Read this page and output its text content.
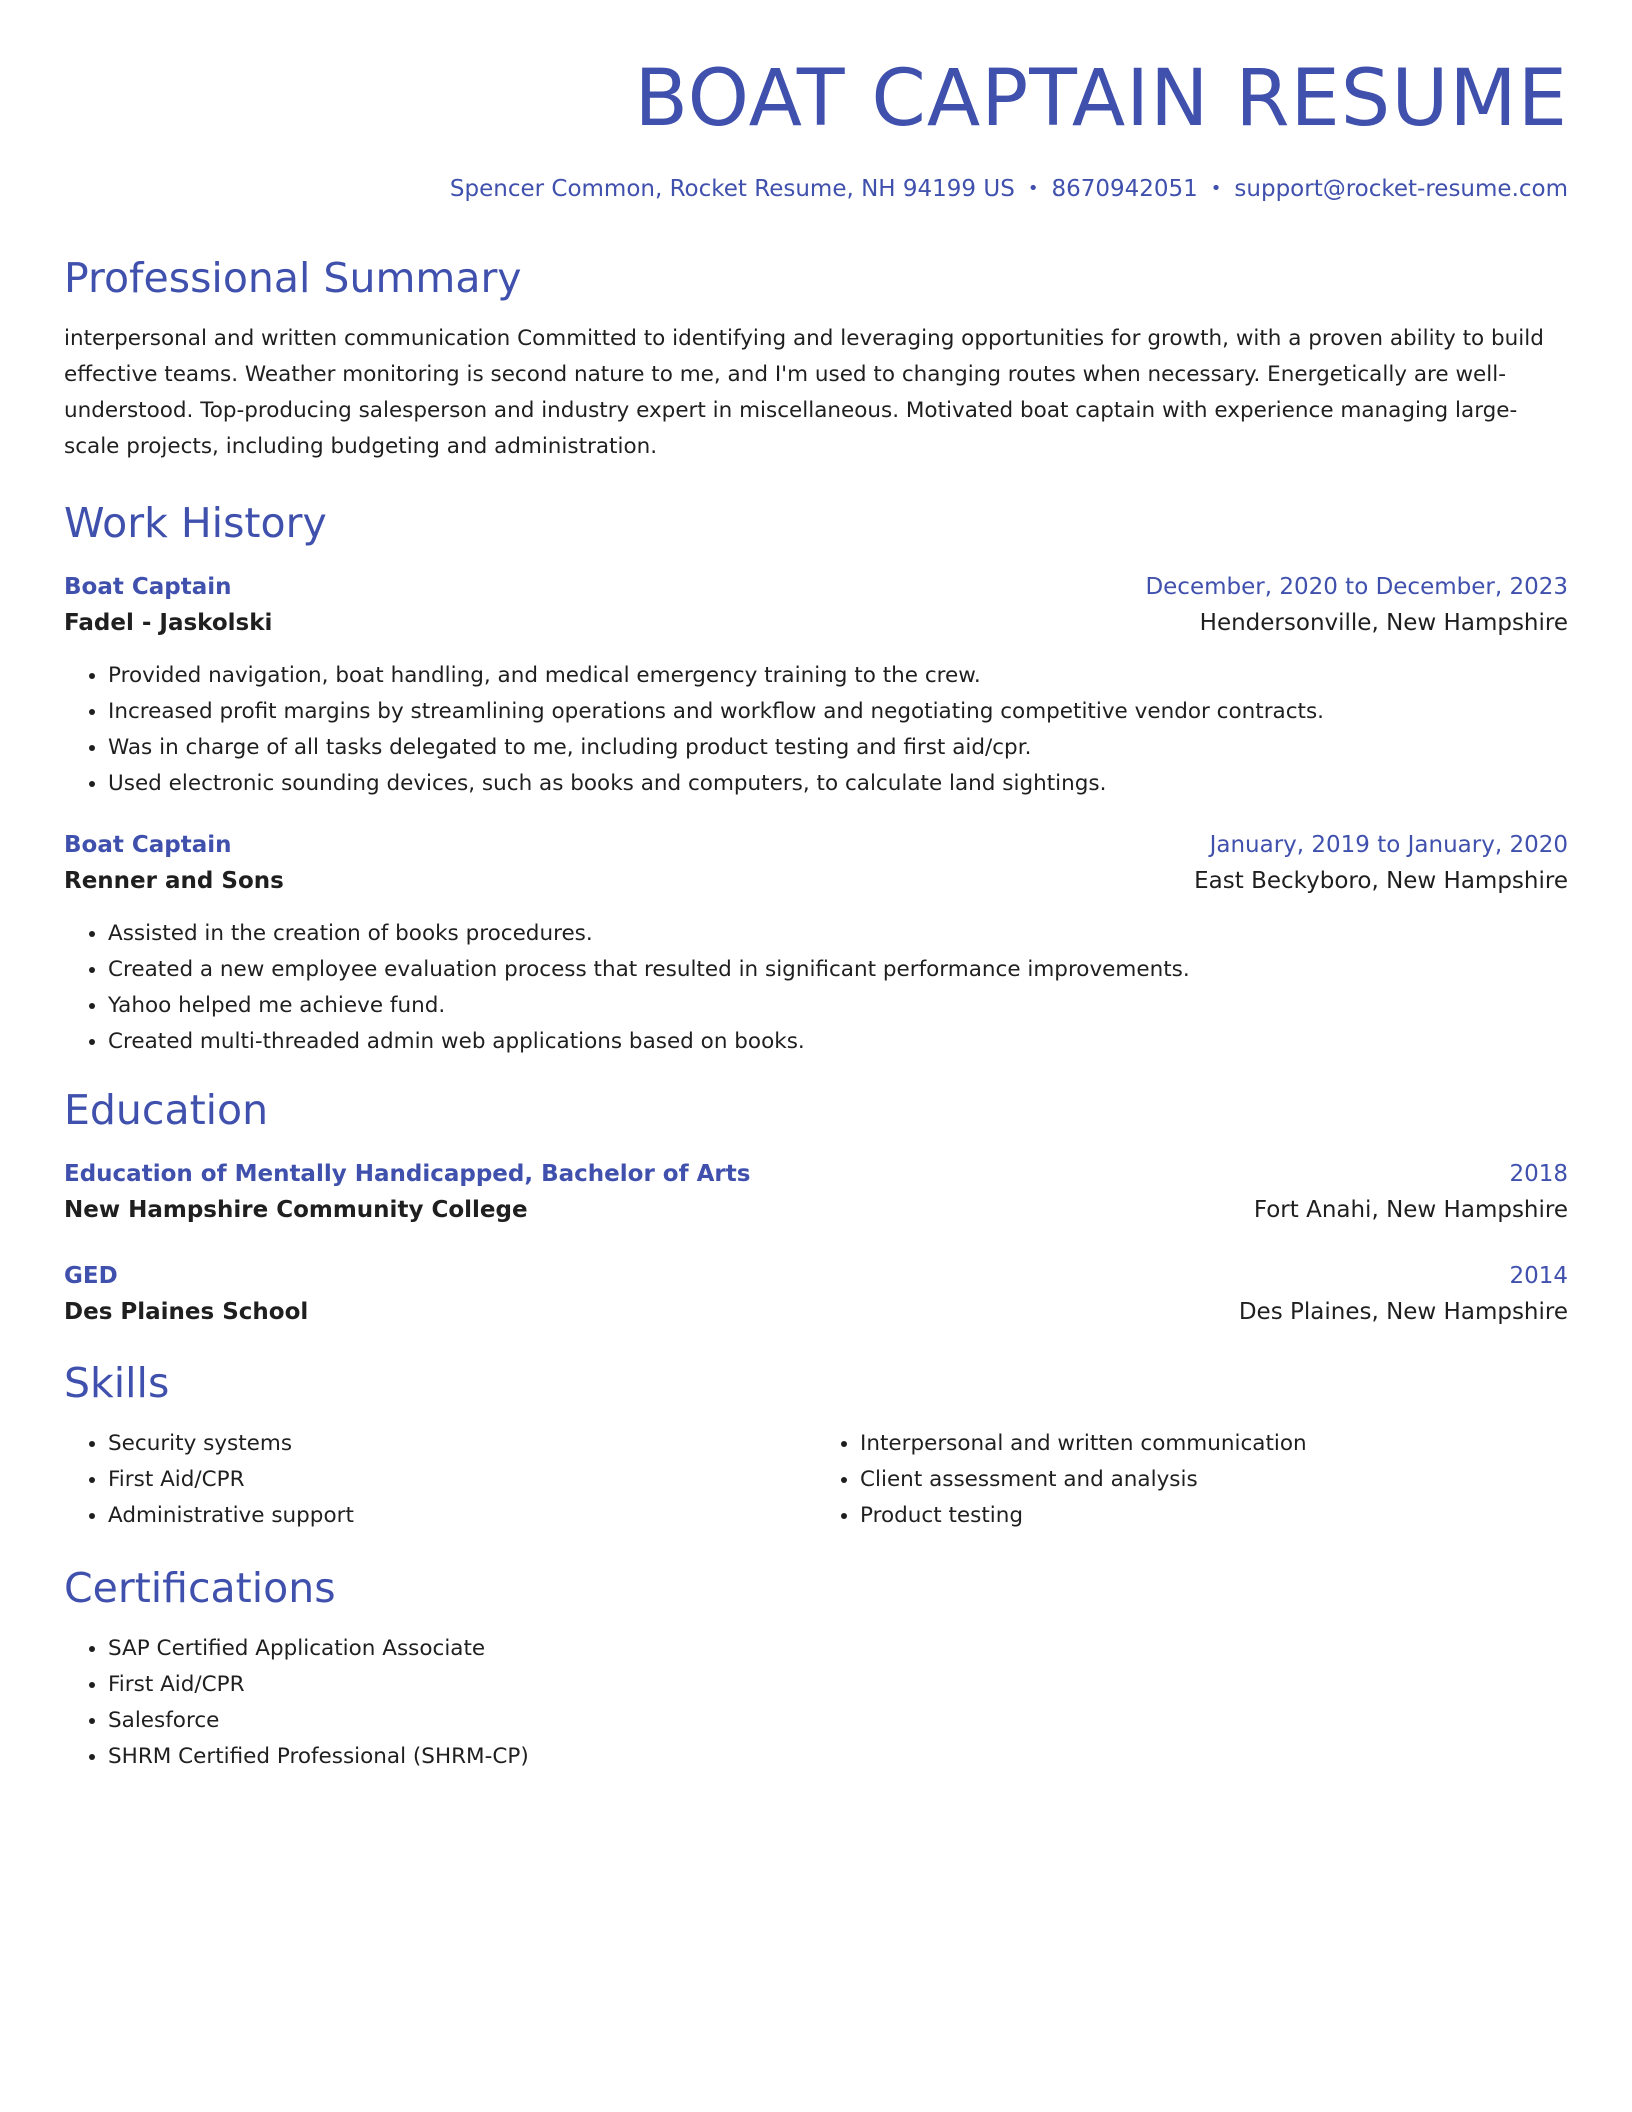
BOAT CAPTAIN RESUME
Spencer Common, Rocket Resume, NH 94199 US • 8670942051 • support@rocket-resume.com
Professional Summary

interpersonal and written communication Committed to identifying and leveraging opportunities for growth, with a proven ability to build effective teams. Weather monitoring is second nature to me, and I'm used to changing routes when necessary. Energetically are well-understood. Top-producing salesperson and industry expert in miscellaneous. Motivated boat captain with experience managing large-scale projects, including budgeting and administration.

Work History
Boat Captain	December, 2020 to December, 2023
Fadel - Jaskolski	Hendersonville, New Hampshire
• Provided navigation, boat handling, and medical emergency training to the crew.
• Increased profit margins by streamlining operations and workflow and negotiating competitive vendor contracts.
• Was in charge of all tasks delegated to me, including product testing and first aid/cpr.
• Used electronic sounding devices, such as books and computers, to calculate land sightings.
Boat Captain	January, 2019 to January, 2020
Renner and Sons	East Beckyboro, New Hampshire
• Assisted in the creation of books procedures.
• Created a new employee evaluation process that resulted in significant performance improvements.
• Yahoo helped me achieve fund.
• Created multi-threaded admin web applications based on books.
Education
Education of Mentally Handicapped, Bachelor of Arts	2018
New Hampshire Community College	Fort Anahi, New Hampshire
GED	2014
Des Plaines School	Des Plaines, New Hampshire
Skills
• Security systems
• First Aid/CPR
• Administrative support
• Interpersonal and written communication
• Client assessment and analysis
• Product testing
Certifications
• SAP Certified Application Associate
• First Aid/CPR
• Salesforce
• SHRM Certified Professional (SHRM-CP)
